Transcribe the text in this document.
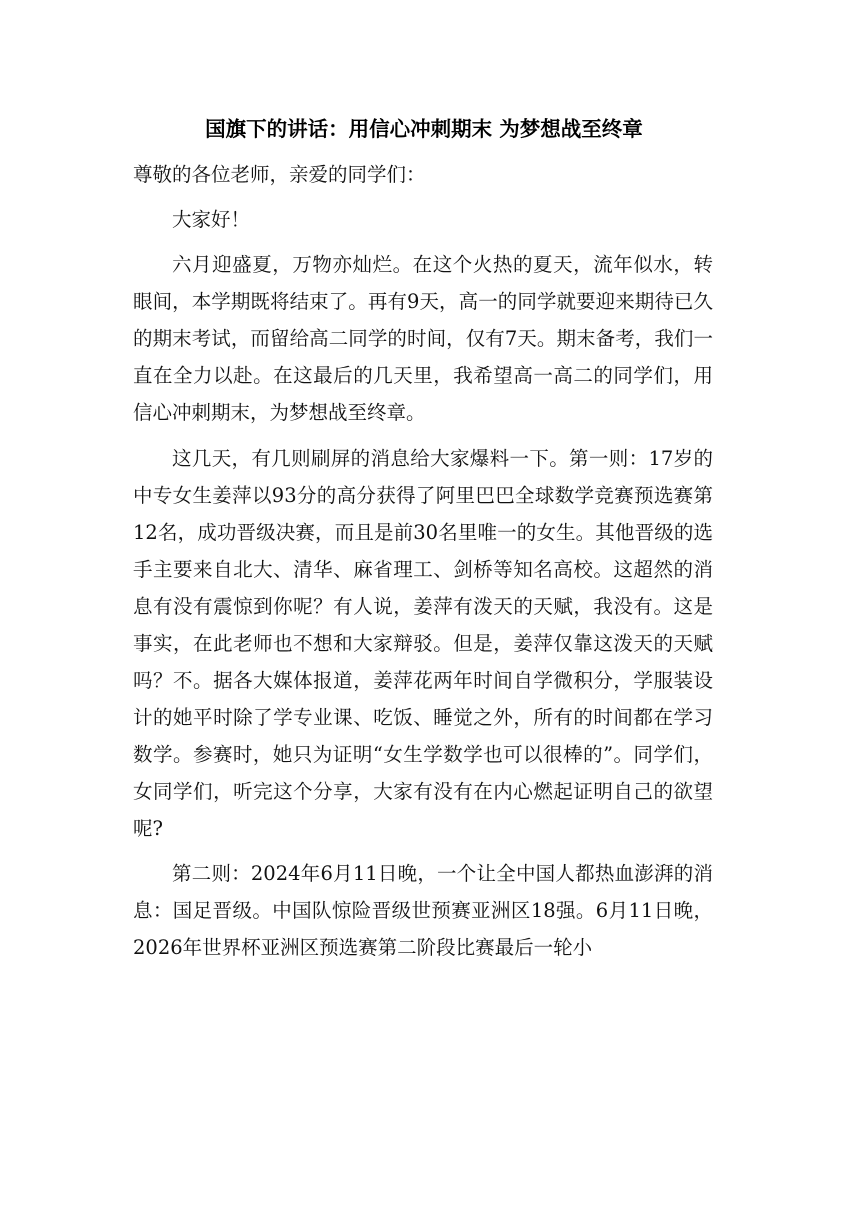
国旗下的讲话：用信心冲刺期末 为梦想战至终章

尊敬的各位老师，亲爱的同学们：

大家好！

六月迎盛夏，万物亦灿烂。在这个火热的夏天，流年似水，转眼间，本学期既将结束了。再有9天，高一的同学就要迎来期待已久的期末考试，而留给高二同学的时间，仅有7天。期末备考，我们一直在全力以赴。在这最后的几天里，我希望高一高二的同学们，用信心冲刺期末，为梦想战至终章。

这几天，有几则刷屏的消息给大家爆料一下。第一则：17岁的中专女生姜萍以93分的高分获得了阿里巴巴全球数学竞赛预选赛第12名，成功晋级决赛，而且是前30名里唯一的女生。其他晋级的选手主要来自北大、清华、麻省理工、剑桥等知名高校。这超然的消息有没有震惊到你呢？有人说，姜萍有泼天的天赋，我没有。这是事实，在此老师也不想和大家辩驳。但是，姜萍仅靠这泼天的天赋吗？不。据各大媒体报道，姜萍花两年时间自学微积分，学服装设计的她平时除了学专业课、吃饭、睡觉之外，所有的时间都在学习数学。参赛时，她只为证明“女生学数学也可以很棒的”。同学们，女同学们，听完这个分享，大家有没有在内心燃起证明自己的欲望呢?

第二则：2024年6月11日晚，一个让全中国人都热血澎湃的消息：国足晋级。中国队惊险晋级世预赛亚洲区18强。6月11日晚，2026年世界杯亚洲区预选赛第二阶段比赛最后一轮小
